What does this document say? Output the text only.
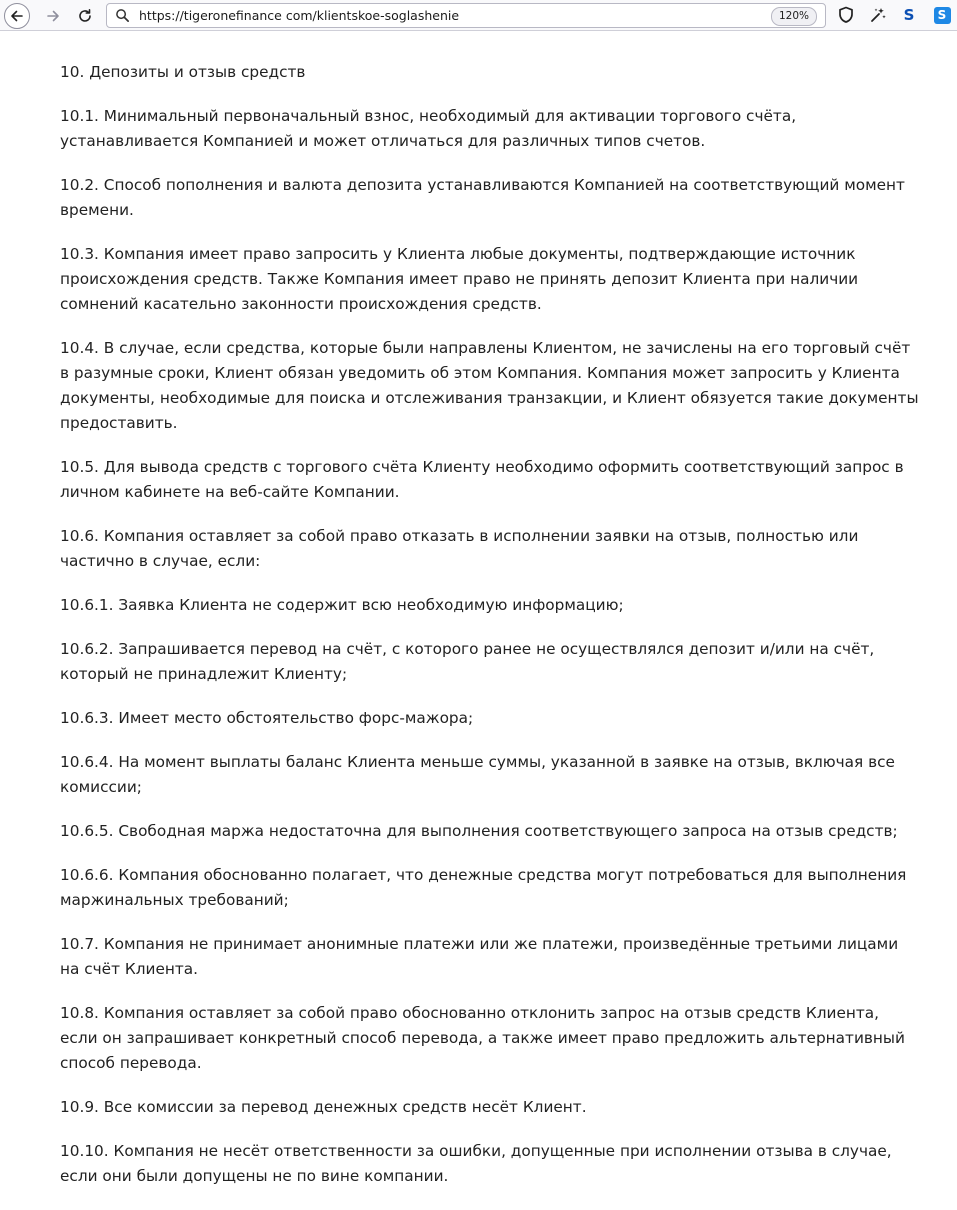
https://tigeronefinance com/klientskoe-soglashenie	120%	S	S

10. Депозиты и отзыв средств

10.1. Минимальный первоначальный взнос, необходимый для активации торгового счёта, устанавливается Компанией и может отличаться для различных типов счетов.

10.2. Способ пополнения и валюта депозита устанавливаются Компанией на соответствующий момент времени.

10.3. Компания имеет право запросить у Клиента любые документы, подтверждающие источник происхождения средств. Также Компания имеет право не принять депозит Клиента при наличии сомнений касательно законности происхождения средств.

10.4. В случае, если средства, которые были направлены Клиентом, не зачислены на его торговый счёт в разумные сроки, Клиент обязан уведомить об этом Компания. Компания может запросить у Клиента документы, необходимые для поиска и отслеживания транзакции, и Клиент обязуется такие документы предоставить.

10.5. Для вывода средств с торгового счёта Клиенту необходимо оформить соответствующий запрос в личном кабинете на веб-сайте Компании.

10.6. Компания оставляет за собой право отказать в исполнении заявки на отзыв, полностью или частично в случае, если:

10.6.1. Заявка Клиента не содержит всю необходимую информацию;

10.6.2. Запрашивается перевод на счёт, с которого ранее не осуществлялся депозит и/или на счёт, который не принадлежит Клиенту;

10.6.3. Имеет место обстоятельство форс-мажора;

10.6.4. На момент выплаты баланс Клиента меньше суммы, указанной в заявке на отзыв, включая все комиссии;

10.6.5. Свободная маржа недостаточна для выполнения соответствующего запроса на отзыв средств;

10.6.6. Компания обоснованно полагает, что денежные средства могут потребоваться для выполнения маржинальных требований;

10.7. Компания не принимает анонимные платежи или же платежи, произведённые третьими лицами на счёт Клиента.

10.8. Компания оставляет за собой право обоснованно отклонить запрос на отзыв средств Клиента, если он запрашивает конкретный способ перевода, а также имеет право предложить альтернативный способ перевода.

10.9. Все комиссии за перевод денежных средств несёт Клиент.

10.10. Компания не несёт ответственности за ошибки, допущенные при исполнении отзыва в случае, если они были допущены не по вине компании.
